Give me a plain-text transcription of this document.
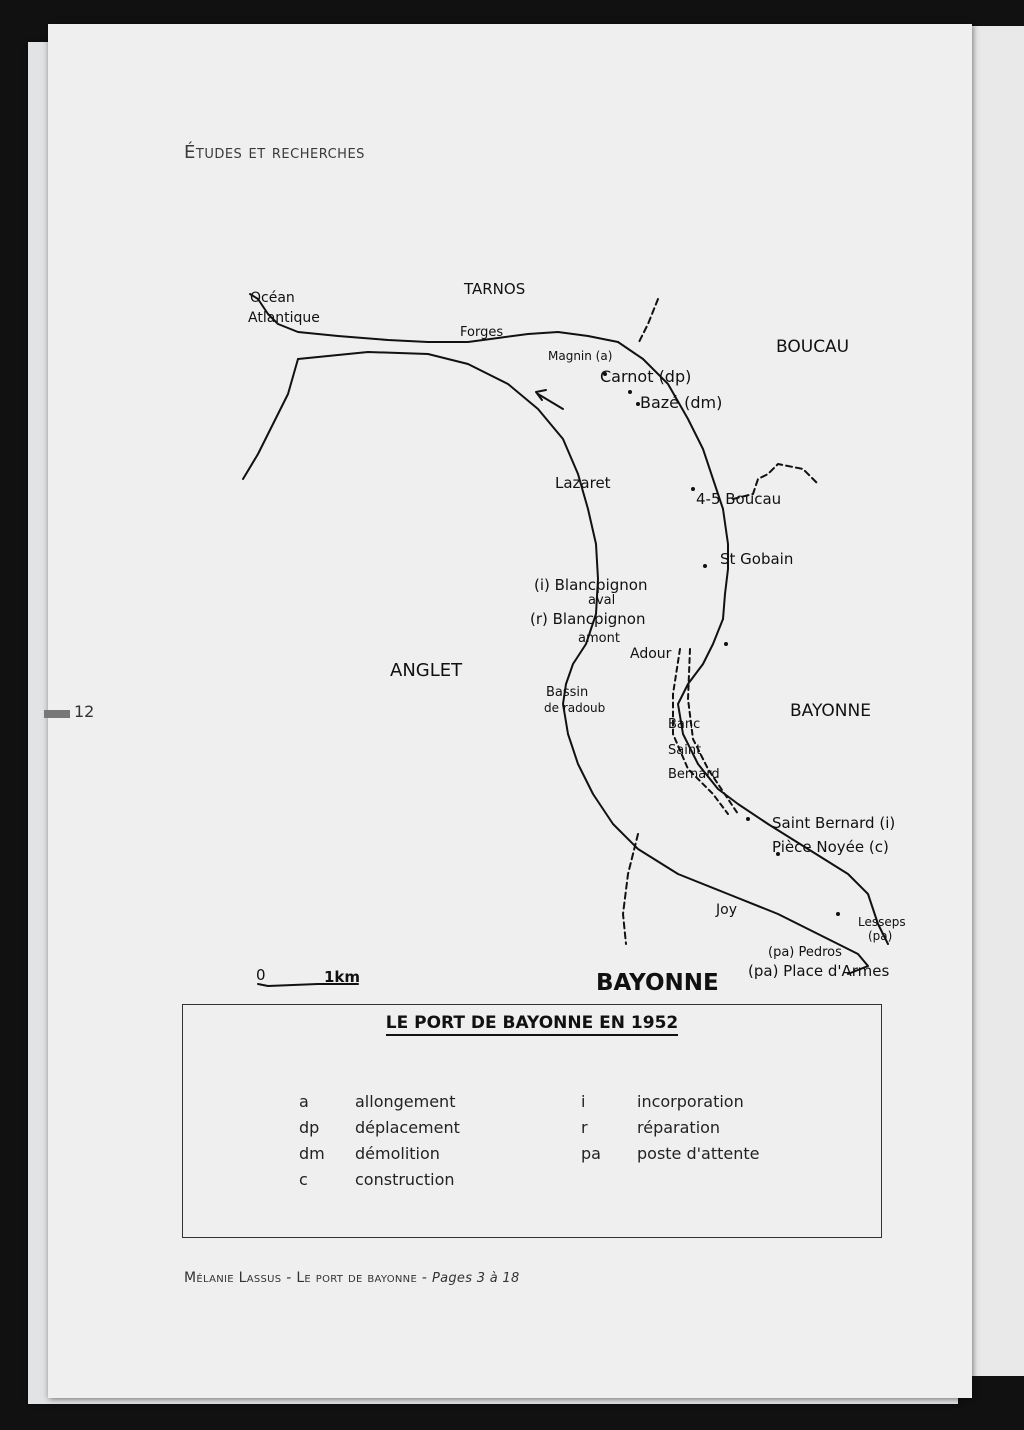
Études et recherches
12
Océan
Atlantique
TARNOS
Forges
Magnin (a)
Carnot (dp)
Bazé (dm)
BOUCAU
Lazaret
4-5 Boucau
St Gobain
(i) Blancpignon
aval
(r) Blancpignon
amont
Adour
ANGLET
Bassin
de radoub	BAYONNE
Banc
Saint
Bernard
Saint Bernard (i)
Pièce Noyée (c)
Joy
Lesseps
(pa)
(pa) Pedros
(pa) Place d'Armes
BAYONNE
0	1km
LE PORT DE BAYONNE EN 1952
a
dp
dm
c
allongement
déplacement
démolition
construction
i
r
pa
incorporation
réparation
poste d'attente
Mélanie Lassus - Le port de bayonne - Pages 3 à 18
